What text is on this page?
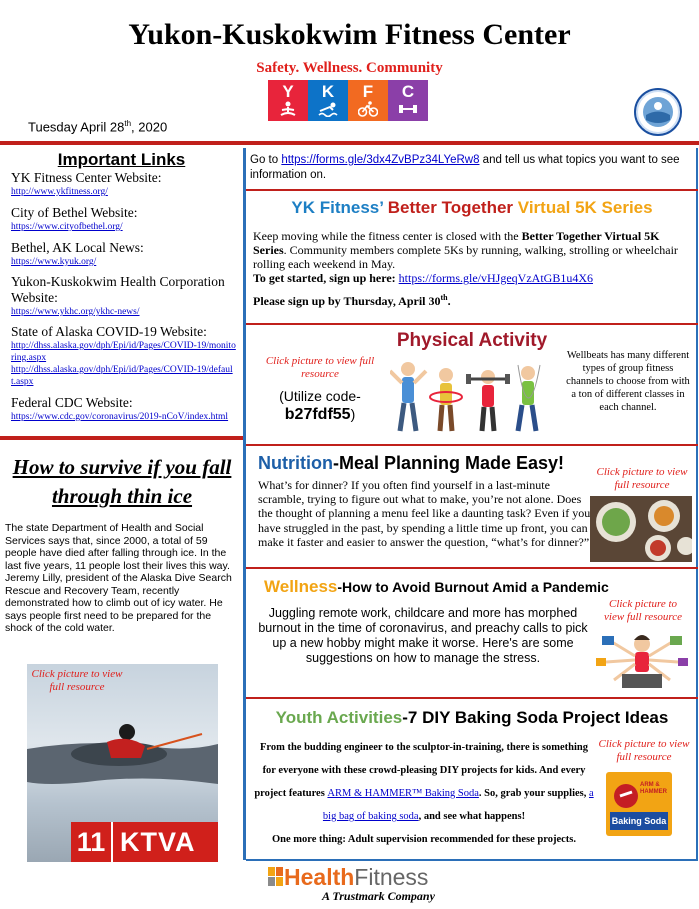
Yukon-Kuskokwim Fitness Center
Safety. Wellness. Community
Y	K	F	C
Tuesday April 28th, 2020
Important Links
YK Fitness Center Website:
http://www.ykfitness.org/
City of Bethel Website:
https://www.cityofbethel.org/
Bethel, AK Local News:
https://www.kyuk.org/
Yukon-Kuskokwim Health Corporation Website:
https://www.ykhc.org/ykhc-news/
State of Alaska COVID-19 Website:
http://dhss.alaska.gov/dph/Epi/id/Pages/COVID-19/monitoring.aspx
http://dhss.alaska.gov/dph/Epi/id/Pages/COVID-19/default.aspx
Federal CDC Website:
https://www.cdc.gov/coronavirus/2019-nCoV/index.html
How to survive if you fall through thin ice
The state Department of Health and Social Services says that, since 2000, a total of 59 people have died after falling through ice. In the last five years, 11 people lost their lives this way.
Jeremy Lilly, president of the Alaska Dive Search Rescue and Recovery Team, recently demonstrated how to climb out of icy water. He says people first need to be prepared for the shock of the cold water.
Click picture to view full resource
11 KTVA
Go to https://forms.gle/3dx4ZvBPz34LYeRw8 and tell us what topics you want to see information on.
YK Fitness’ Better Together Virtual 5K Series
Keep moving while the fitness center is closed with the Better Together Virtual 5K Series. Community members complete 5Ks by running, walking, strolling or wheelchair rolling each weekend in May.
To get started, sign up here: https://forms.gle/vHJgeqVzAtGB1u4X6
Please sign up by Thursday, April 30th.
Physical Activity
Click picture to view full resource
(Utilize code-
b27fdf55)
Wellbeats has many different types of group fitness channels to choose from with a ton of different classes in each channel.
Nutrition-Meal Planning Made Easy!
What’s for dinner? If you often find yourself in a last-minute scramble, trying to figure out what to make, you’re not alone. Does the thought of planning a menu feel like a daunting task? Even if you have struggled in the past, by spending a little time up front, you can make it faster and easier to answer the question, “what’s for dinner?”
Click picture to view full resource
Wellness-How to Avoid Burnout Amid a Pandemic
Juggling remote work, childcare and more has morphed burnout in the time of coronavirus, and preachy calls to pick up a new hobby might make it worse. Here's are some suggestions on how to manage the stress.
Click picture to view full resource
Youth Activities-7 DIY Baking Soda Project Ideas
From the budding engineer to the sculptor-in-training, there is something for everyone with these crowd-pleasing DIY projects for kids. And every project features ARM & HAMMER™ Baking Soda. So, grab your supplies, a big bag of baking soda, and see what happens!
One more thing: Adult supervision recommended for these projects.
Click picture to view full resource
ARM & HAMMER
Baking Soda
HealthFitness
A Trustmark Company
